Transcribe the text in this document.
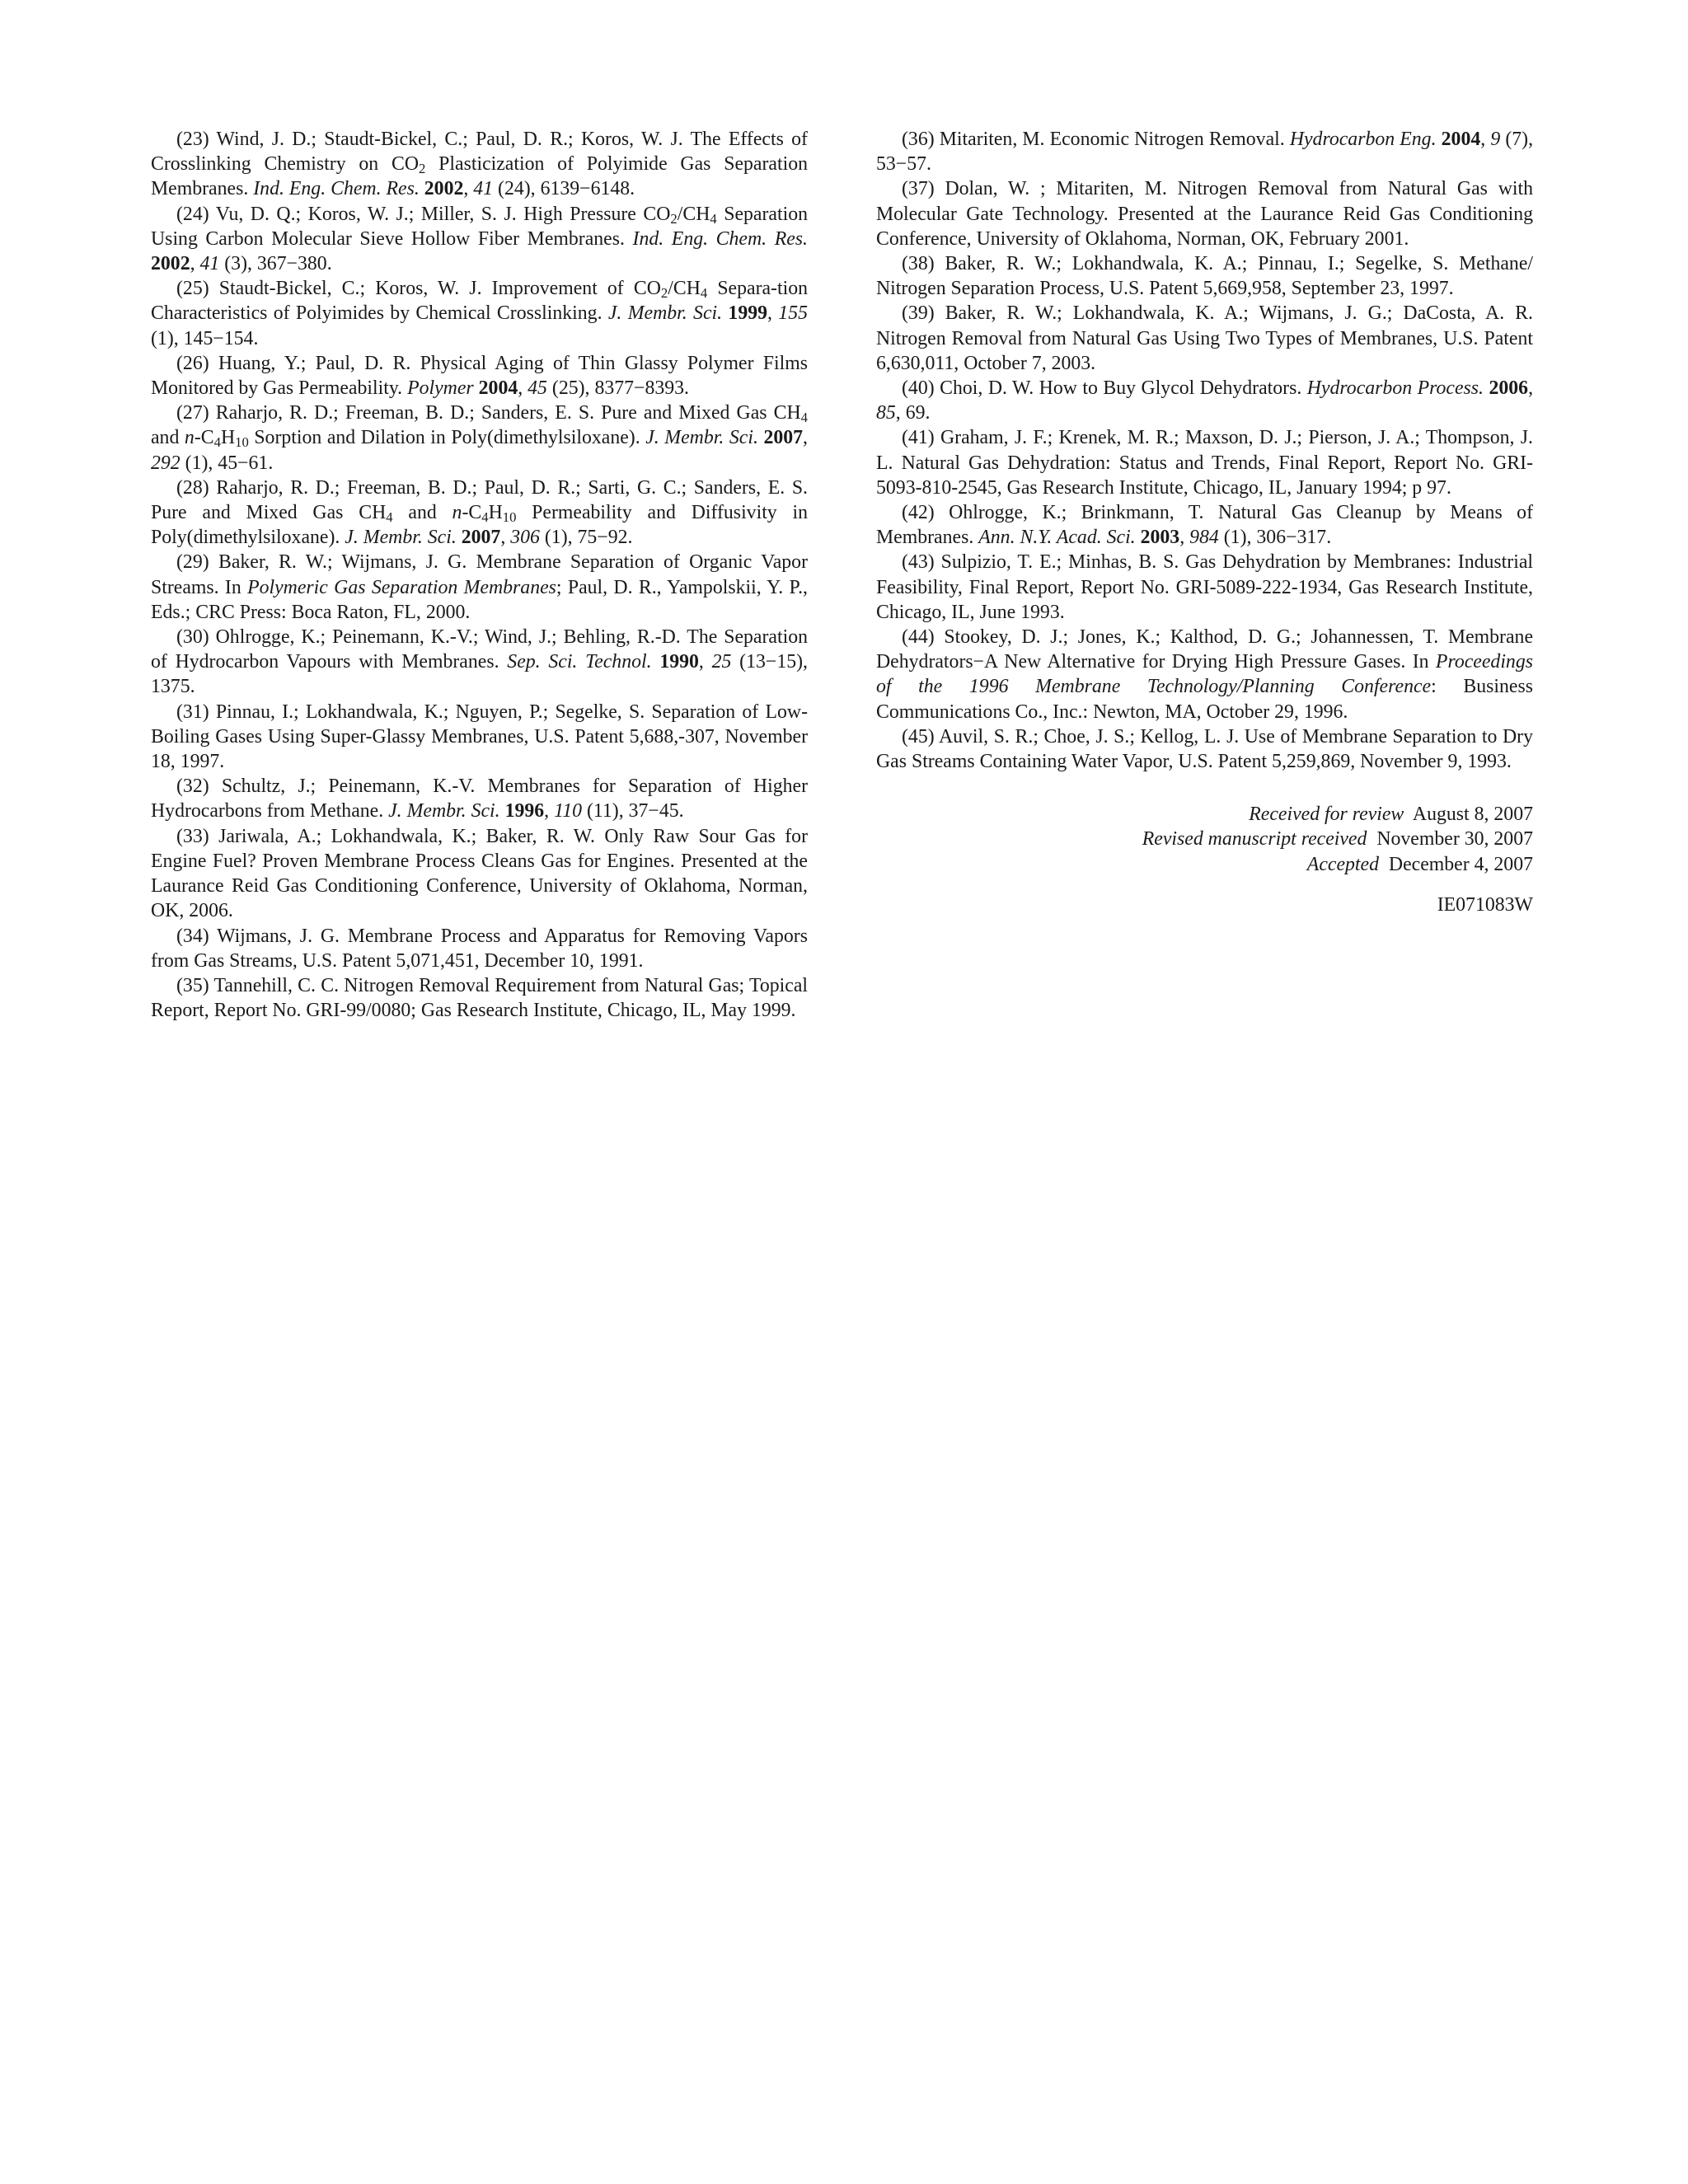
(23) Wind, J. D.; Staudt-Bickel, C.; Paul, D. R.; Koros, W. J. The Effects of Crosslinking Chemistry on $CO_2$ Plasticization of Polyimide Gas Separation Membranes. Ind. Eng. Chem. Res. 2002, 41 (24), 6139−6148.

(24) Vu, D. Q.; Koros, W. J.; Miller, S. J. High Pressure $CO_2/CH_4$ Separation Using Carbon Molecular Sieve Hollow Fiber Membranes. Ind. Eng. Chem. Res. 2002, 41 (3), 367−380.

(25) Staudt-Bickel, C.; Koros, W. J. Improvement of $CO_2/CH_4$ Separa-tion Characteristics of Polyimides by Chemical Crosslinking. J. Membr. Sci. 1999, 155 (1), 145−154.

(26) Huang, Y.; Paul, D. R. Physical Aging of Thin Glassy Polymer Films Monitored by Gas Permeability. Polymer 2004, 45 (25), 8377−8393.

(27) Raharjo, R. D.; Freeman, B. D.; Sanders, E. S. Pure and Mixed Gas $CH_4$ and $n-C_4H_{10}$ Sorption and Dilation in Poly(dimethylsiloxane). J. Membr. Sci. 2007, 292 (1), 45−61.

(28) Raharjo, R. D.; Freeman, B. D.; Paul, D. R.; Sarti, G. C.; Sanders, E. S. Pure and Mixed Gas $CH_4$ and $n-C_4H_{10}$ Permeability and Diffusivity in Poly(dimethylsiloxane). J. Membr. Sci. 2007, 306 (1), 75−92.

(29) Baker, R. W.; Wijmans, J. G. Membrane Separation of Organic Vapor Streams. In Polymeric Gas Separation Membranes; Paul, D. R., Yampolskii, Y. P., Eds.; CRC Press: Boca Raton, FL, 2000.

(30) Ohlrogge, K.; Peinemann, K.-V.; Wind, J.; Behling, R.-D. The Separation of Hydrocarbon Vapours with Membranes. Sep. Sci. Technol. 1990, 25 (13−15), 1375.

(31) Pinnau, I.; Lokhandwala, K.; Nguyen, P.; Segelke, S. Separation of Low-Boiling Gases Using Super-Glassy Membranes, U.S. Patent 5,688,-307, November 18, 1997.

(32) Schultz, J.; Peinemann, K.-V. Membranes for Separation of Higher Hydrocarbons from Methane. J. Membr. Sci. 1996, 110 (11), 37−45.

(33) Jariwala, A.; Lokhandwala, K.; Baker, R. W. Only Raw Sour Gas for Engine Fuel? Proven Membrane Process Cleans Gas for Engines. Presented at the Laurance Reid Gas Conditioning Conference, University of Oklahoma, Norman, OK, 2006.

(34) Wijmans, J. G. Membrane Process and Apparatus for Removing Vapors from Gas Streams, U.S. Patent 5,071,451, December 10, 1991.

(35) Tannehill, C. C. Nitrogen Removal Requirement from Natural Gas; Topical Report, Report No. GRI-99/0080; Gas Research Institute, Chicago, IL, May 1999.

(36) Mitariten, M. Economic Nitrogen Removal. Hydrocarbon Eng. 2004, 9 (7), 53−57.

(37) Dolan, W. ; Mitariten, M. Nitrogen Removal from Natural Gas with Molecular Gate Technology. Presented at the Laurance Reid Gas Conditioning Conference, University of Oklahoma, Norman, OK, February 2001.

(38) Baker, R. W.; Lokhandwala, K. A.; Pinnau, I.; Segelke, S. Methane/ Nitrogen Separation Process, U.S. Patent 5,669,958, September 23, 1997.

(39) Baker, R. W.; Lokhandwala, K. A.; Wijmans, J. G.; DaCosta, A. R. Nitrogen Removal from Natural Gas Using Two Types of Membranes, U.S. Patent 6,630,011, October 7, 2003.

(40) Choi, D. W. How to Buy Glycol Dehydrators. Hydrocarbon Process. 2006, 85, 69.

(41) Graham, J. F.; Krenek, M. R.; Maxson, D. J.; Pierson, J. A.; Thompson, J. L. Natural Gas Dehydration: Status and Trends, Final Report, Report No. GRI-5093-810-2545, Gas Research Institute, Chicago, IL, January 1994; p 97.

(42) Ohlrogge, K.; Brinkmann, T. Natural Gas Cleanup by Means of Membranes. Ann. N.Y. Acad. Sci. 2003, 984 (1), 306−317.

(43) Sulpizio, T. E.; Minhas, B. S. Gas Dehydration by Membranes: Industrial Feasibility, Final Report, Report No. GRI-5089-222-1934, Gas Research Institute, Chicago, IL, June 1993.

(44) Stookey, D. J.; Jones, K.; Kalthod, D. G.; Johannessen, T. Membrane Dehydrators−A New Alternative for Drying High Pressure Gases. In Proceedings of the 1996 Membrane Technology/Planning Conference: Business Communications Co., Inc.: Newton, MA, October 29, 1996.

(45) Auvil, S. R.; Choe, J. S.; Kellog, L. J. Use of Membrane Separation to Dry Gas Streams Containing Water Vapor, U.S. Patent 5,259,869, November 9, 1993.

Received for review August 8, 2007
Revised manuscript received November 30, 2007
Accepted December 4, 2007
IE071083W
